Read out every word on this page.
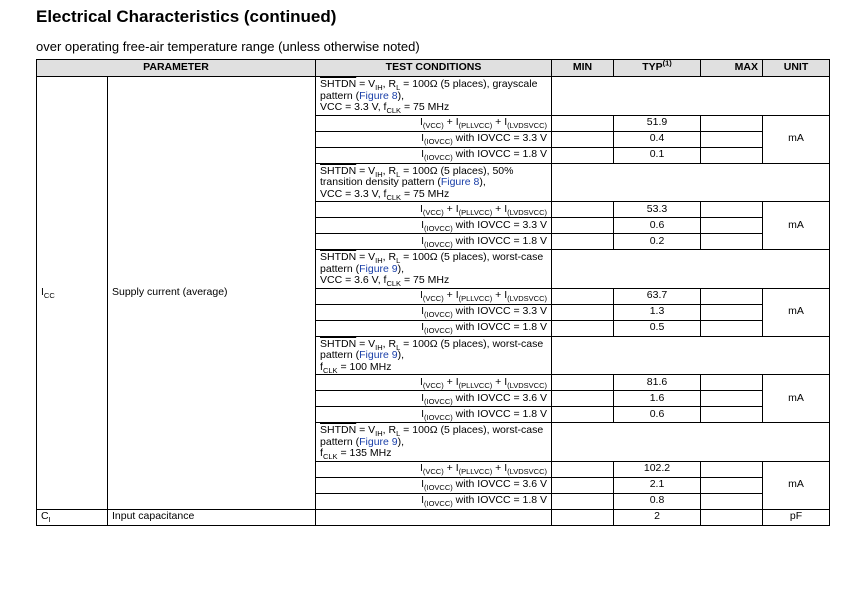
Electrical Characteristics (continued)
over operating free-air temperature range (unless otherwise noted)
PARAMETER		TEST CONDITIONS	MIN	TYP$^{(1)}$	MAX	UNIT
$I_{CC}$	Supply current (average)	SHTDN = $V_{IH}$, $R_L = 100\Omega$ (5 places), grayscale pattern (Figure 8),
VCC = 3.3 V, $f_{CLK} = 75$ MHz				
		$I_{(VCC)} + I_{(PLLVCC)} + I_{(LVDSVCC)}$		51.9		mA
		$I_{(IOVCC)}$ with IOVCC = 3.3 V		0.4		
		$I_{(IOVCC)}$ with IOVCC = 1.8 V		0.1		
		SHTDN = $V_{IH}$, $R_L = 100\Omega$ (5 places), 50% transition density pattern (Figure 8),
VCC = 3.3 V, $f_{CLK} = 75$ MHz				
		$I_{(VCC)} + I_{(PLLVCC)} + I_{(LVDSVCC)}$		53.3		mA
		$I_{(IOVCC)}$ with IOVCC = 3.3 V		0.6		
		$I_{(IOVCC)}$ with IOVCC = 1.8 V		0.2		
		SHTDN = $V_{IH}$, $R_L = 100\Omega$ (5 places), worst-case pattern (Figure 9),
VCC = 3.6 V, $f_{CLK} = 75$ MHz				
		$I_{(VCC)} + I_{(PLLVCC)} + I_{(LVDSVCC)}$		63.7		mA
		$I_{(IOVCC)}$ with IOVCC = 3.3 V		1.3		
		$I_{(IOVCC)}$ with IOVCC = 1.8 V		0.5		
		SHTDN = $V_{IH}$, $R_L = 100\Omega$ (5 places), worst-case pattern (Figure 9),
$f_{CLK} = 100$ MHz				
		$I_{(VCC)} + I_{(PLLVCC)} + I_{(LVDSVCC)}$		81.6		mA
		$I_{(IOVCC)}$ with IOVCC = 3.6 V		1.6		
		$I_{(IOVCC)}$ with IOVCC = 1.8 V		0.6		
		SHTDN = $V_{IH}$, $R_L = 100\Omega$ (5 places), worst-case pattern (Figure 9),
$f_{CLK} = 135$ MHz				
		$I_{(VCC)} + I_{(PLLVCC)} + I_{(LVDSVCC)}$		102.2		mA
		$I_{(IOVCC)}$ with IOVCC = 3.6 V		2.1		
		$I_{(IOVCC)}$ with IOVCC = 1.8 V		0.8		
$C_I$	Input capacitance			2		pF
